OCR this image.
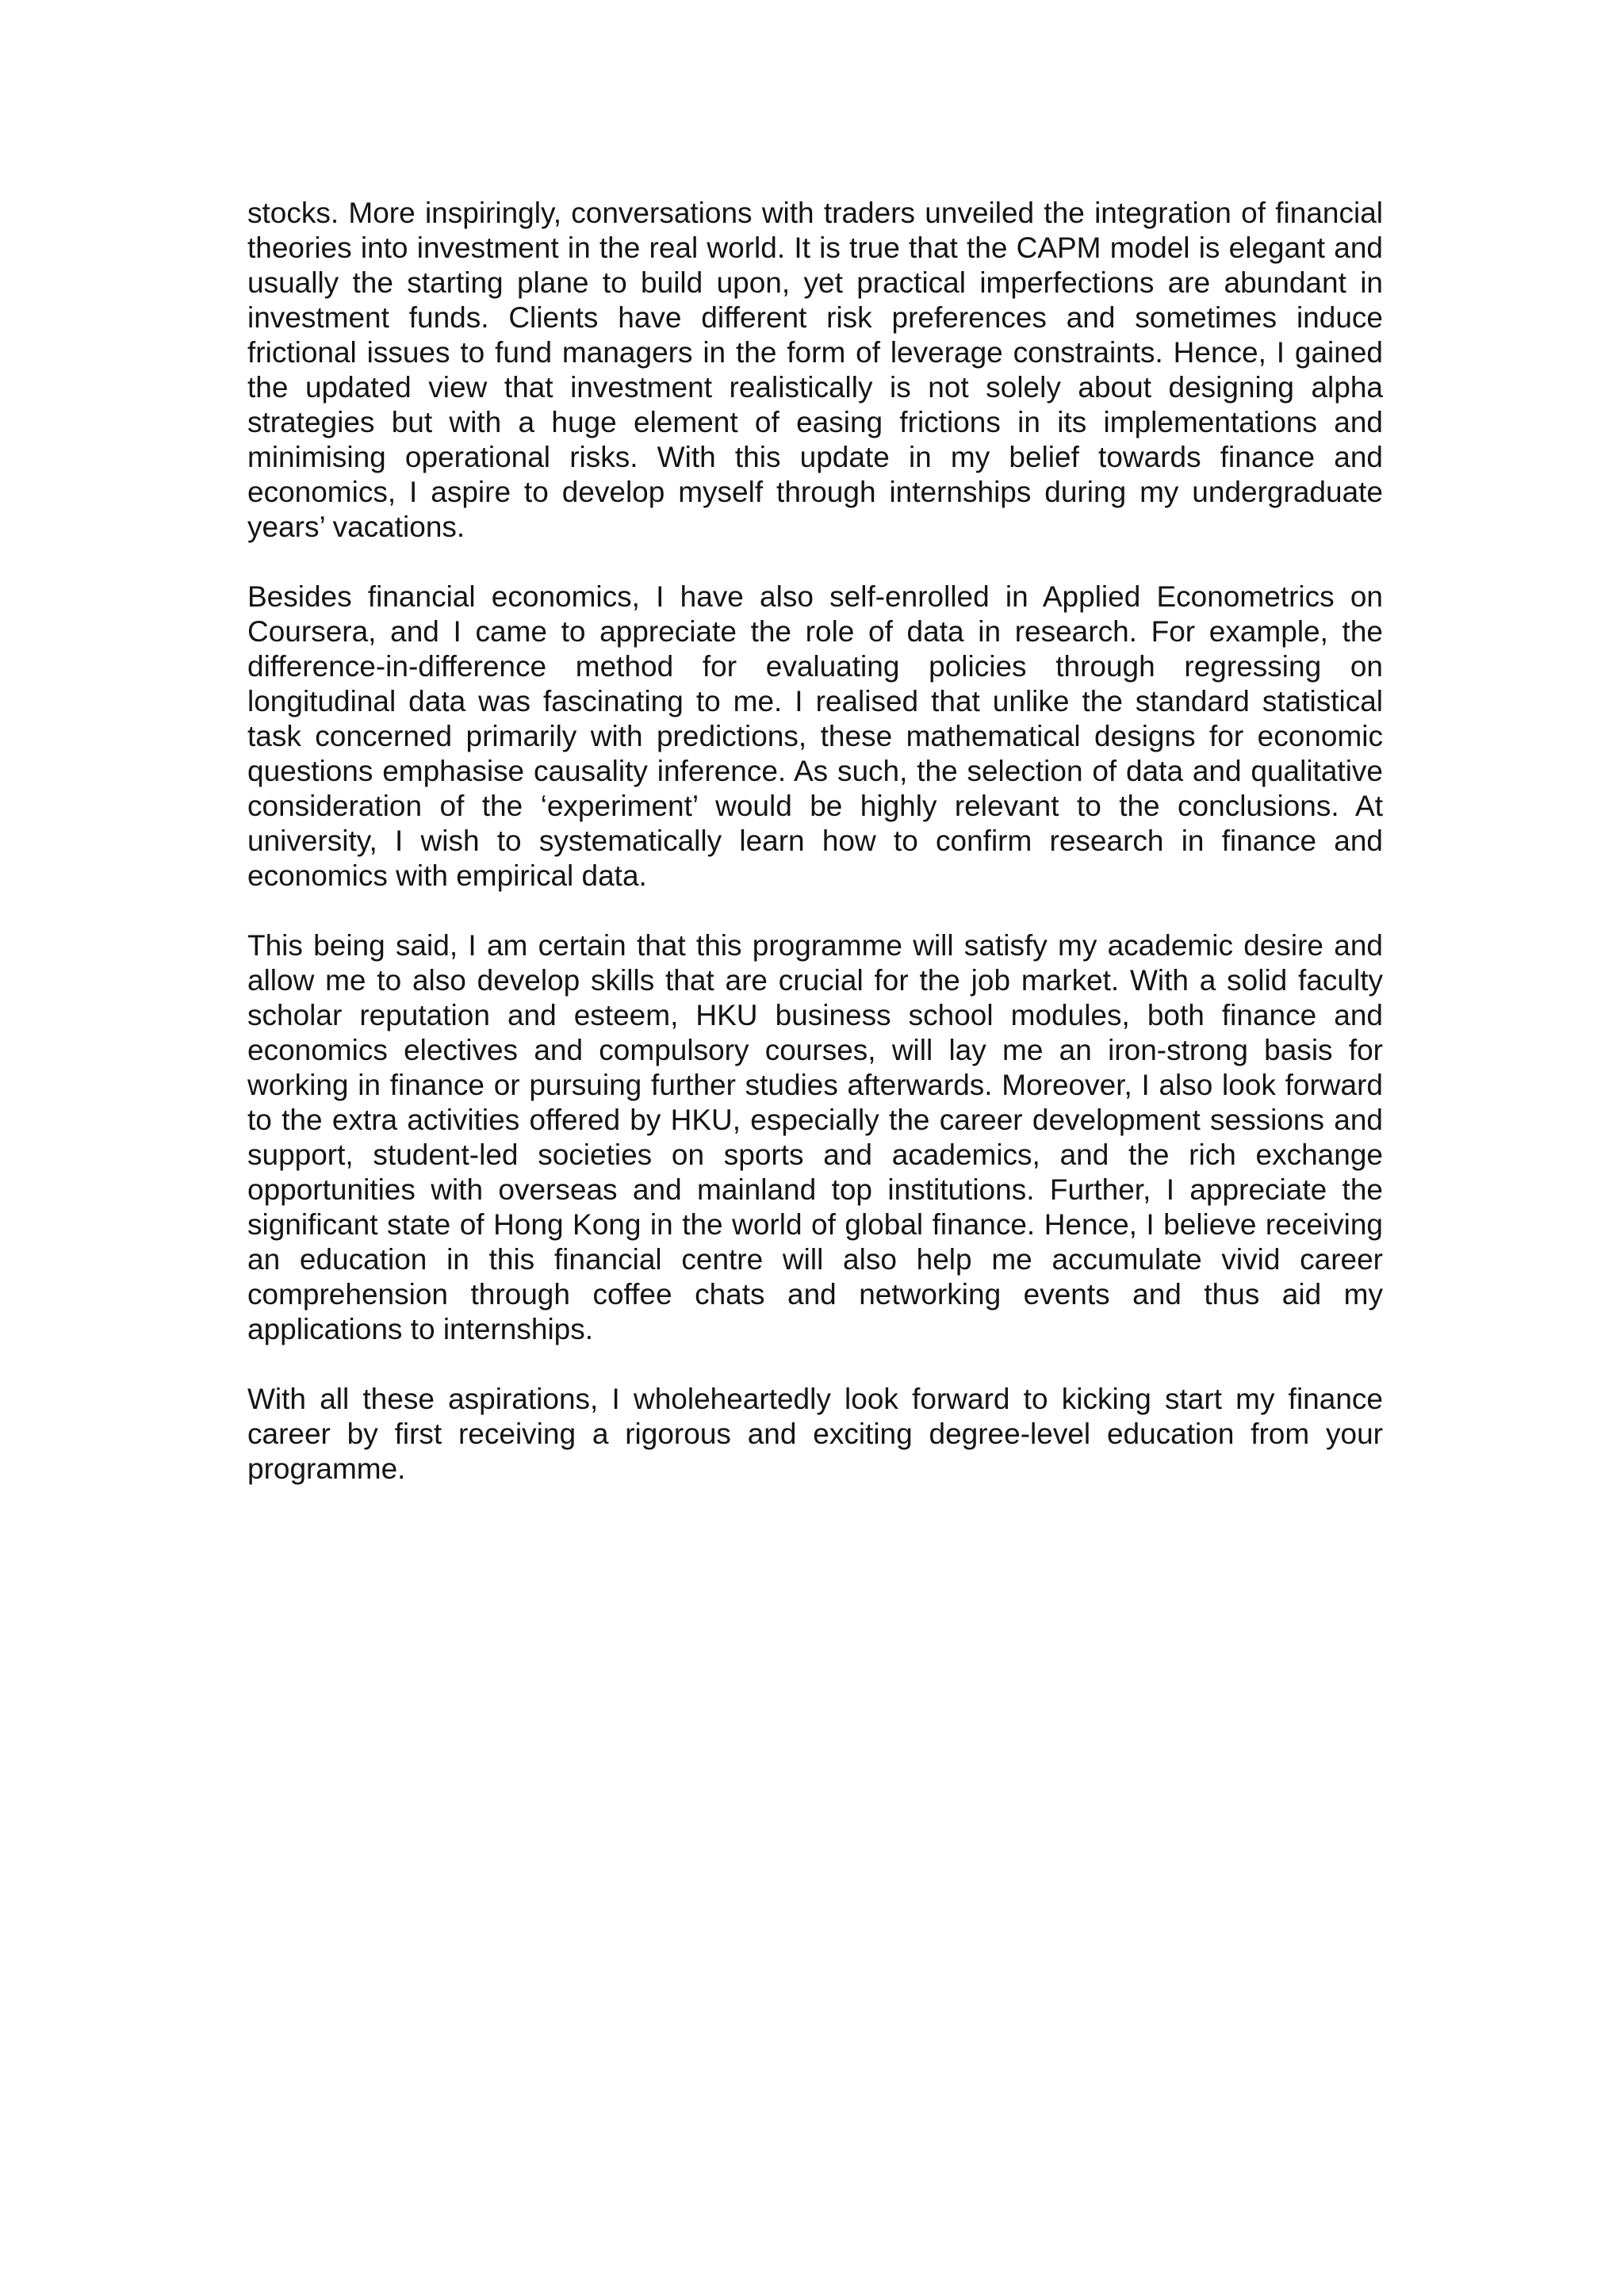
stocks. More inspiringly, conversations with traders unveiled the integration of financial theories into investment in the real world. It is true that the CAPM model is elegant and usually the starting plane to build upon, yet practical imperfections are abundant in investment funds. Clients have different risk preferences and sometimes induce frictional issues to fund managers in the form of leverage constraints. Hence, I gained the updated view that investment realistically is not solely about designing alpha strategies but with a huge element of easing frictions in its implementations and minimising operational risks. With this update in my belief towards finance and economics, I aspire to develop myself through internships during my undergraduate years’ vacations.

Besides financial economics, I have also self-enrolled in Applied Econometrics on Coursera, and I came to appreciate the role of data in research. For example, the difference-in-difference method for evaluating policies through regressing on longitudinal data was fascinating to me. I realised that unlike the standard statistical task concerned primarily with predictions, these mathematical designs for economic questions emphasise causality inference. As such, the selection of data and qualitative consideration of the ‘experiment’ would be highly relevant to the conclusions. At university, I wish to systematically learn how to confirm research in finance and economics with empirical data.

This being said, I am certain that this programme will satisfy my academic desire and allow me to also develop skills that are crucial for the job market. With a solid faculty scholar reputation and esteem, HKU business school modules, both finance and economics electives and compulsory courses, will lay me an iron-strong basis for working in finance or pursuing further studies afterwards. Moreover, I also look forward to the extra activities offered by HKU, especially the career development sessions and support, student-led societies on sports and academics, and the rich exchange opportunities with overseas and mainland top institutions. Further, I appreciate the significant state of Hong Kong in the world of global finance. Hence, I believe receiving an education in this financial centre will also help me accumulate vivid career comprehension through coffee chats and networking events and thus aid my applications to internships.

With all these aspirations, I wholeheartedly look forward to kicking start my finance career by first receiving a rigorous and exciting degree-level education from your programme.
